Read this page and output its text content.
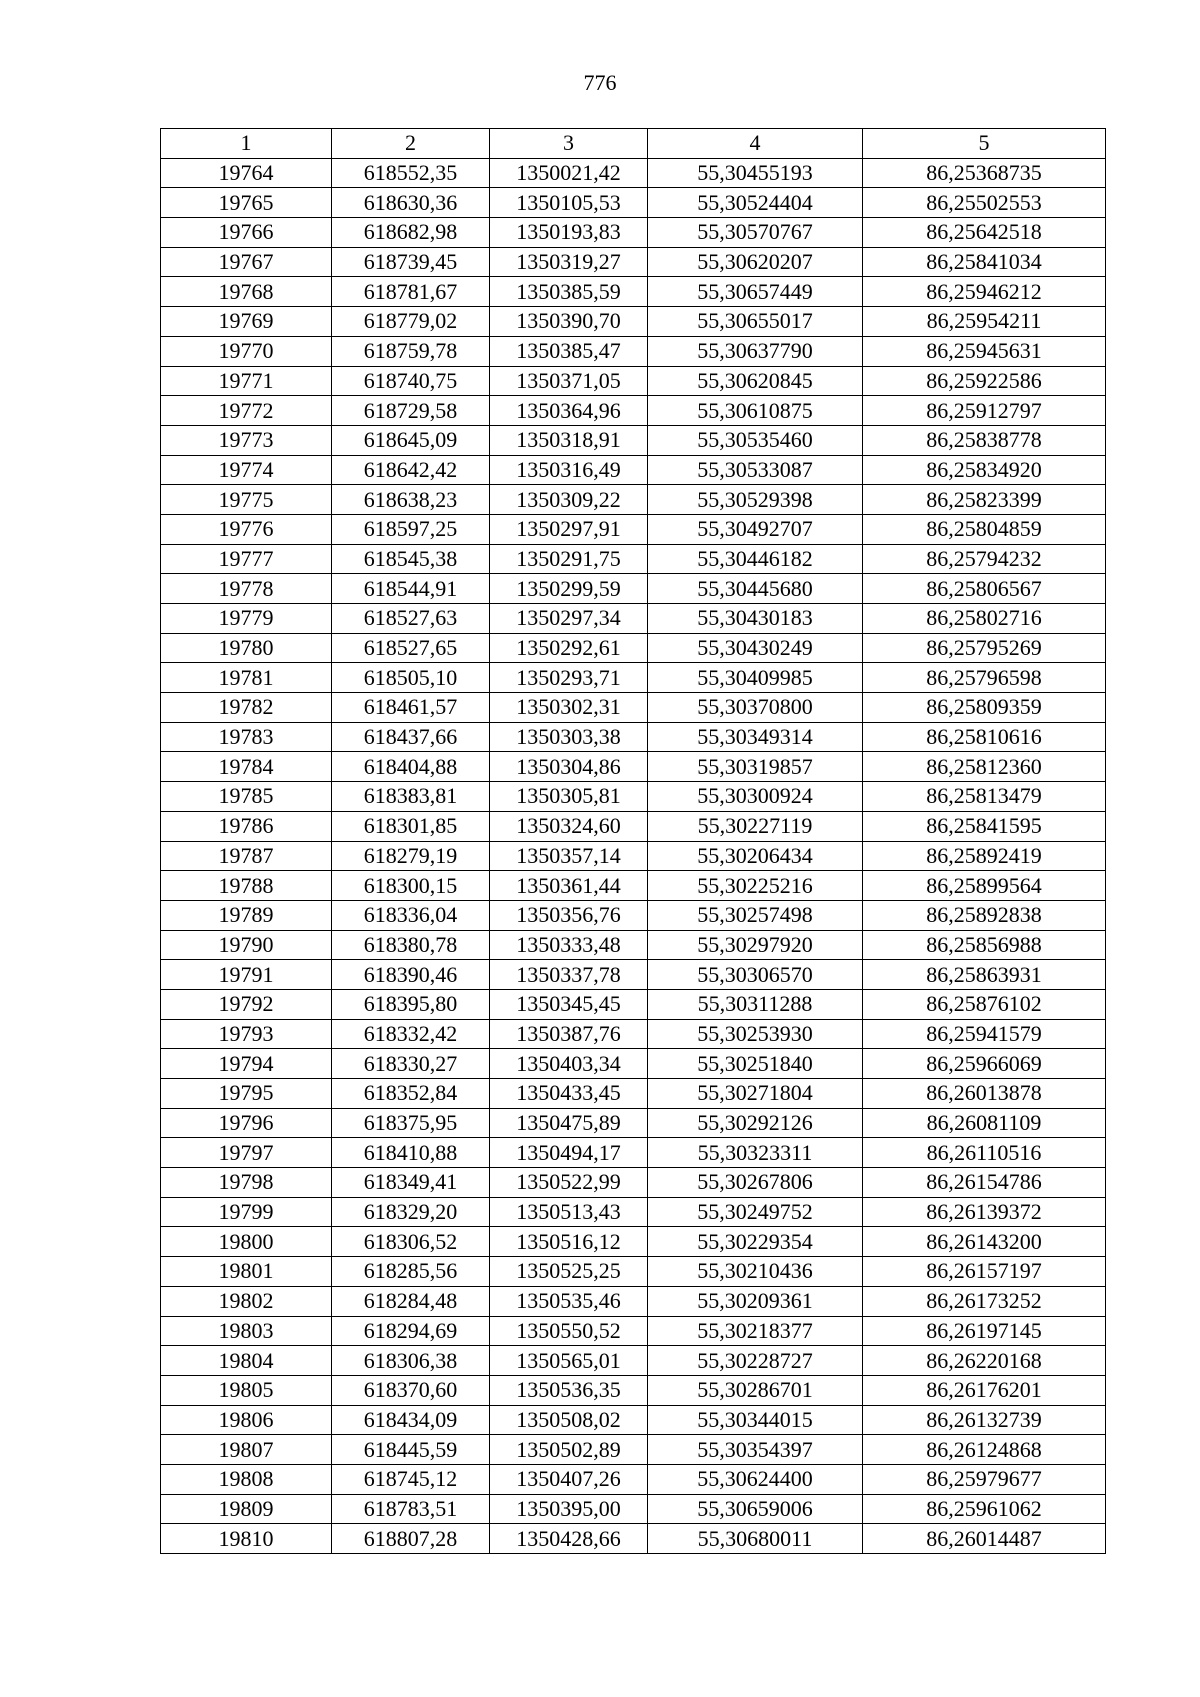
776
1	2	3	4	5
19764	618552,35	1350021,42	55,30455193	86,25368735
19765	618630,36	1350105,53	55,30524404	86,25502553
19766	618682,98	1350193,83	55,30570767	86,25642518
19767	618739,45	1350319,27	55,30620207	86,25841034
19768	618781,67	1350385,59	55,30657449	86,25946212
19769	618779,02	1350390,70	55,30655017	86,25954211
19770	618759,78	1350385,47	55,30637790	86,25945631
19771	618740,75	1350371,05	55,30620845	86,25922586
19772	618729,58	1350364,96	55,30610875	86,25912797
19773	618645,09	1350318,91	55,30535460	86,25838778
19774	618642,42	1350316,49	55,30533087	86,25834920
19775	618638,23	1350309,22	55,30529398	86,25823399
19776	618597,25	1350297,91	55,30492707	86,25804859
19777	618545,38	1350291,75	55,30446182	86,25794232
19778	618544,91	1350299,59	55,30445680	86,25806567
19779	618527,63	1350297,34	55,30430183	86,25802716
19780	618527,65	1350292,61	55,30430249	86,25795269
19781	618505,10	1350293,71	55,30409985	86,25796598
19782	618461,57	1350302,31	55,30370800	86,25809359
19783	618437,66	1350303,38	55,30349314	86,25810616
19784	618404,88	1350304,86	55,30319857	86,25812360
19785	618383,81	1350305,81	55,30300924	86,25813479
19786	618301,85	1350324,60	55,30227119	86,25841595
19787	618279,19	1350357,14	55,30206434	86,25892419
19788	618300,15	1350361,44	55,30225216	86,25899564
19789	618336,04	1350356,76	55,30257498	86,25892838
19790	618380,78	1350333,48	55,30297920	86,25856988
19791	618390,46	1350337,78	55,30306570	86,25863931
19792	618395,80	1350345,45	55,30311288	86,25876102
19793	618332,42	1350387,76	55,30253930	86,25941579
19794	618330,27	1350403,34	55,30251840	86,25966069
19795	618352,84	1350433,45	55,30271804	86,26013878
19796	618375,95	1350475,89	55,30292126	86,26081109
19797	618410,88	1350494,17	55,30323311	86,26110516
19798	618349,41	1350522,99	55,30267806	86,26154786
19799	618329,20	1350513,43	55,30249752	86,26139372
19800	618306,52	1350516,12	55,30229354	86,26143200
19801	618285,56	1350525,25	55,30210436	86,26157197
19802	618284,48	1350535,46	55,30209361	86,26173252
19803	618294,69	1350550,52	55,30218377	86,26197145
19804	618306,38	1350565,01	55,30228727	86,26220168
19805	618370,60	1350536,35	55,30286701	86,26176201
19806	618434,09	1350508,02	55,30344015	86,26132739
19807	618445,59	1350502,89	55,30354397	86,26124868
19808	618745,12	1350407,26	55,30624400	86,25979677
19809	618783,51	1350395,00	55,30659006	86,25961062
19810	618807,28	1350428,66	55,30680011	86,26014487
